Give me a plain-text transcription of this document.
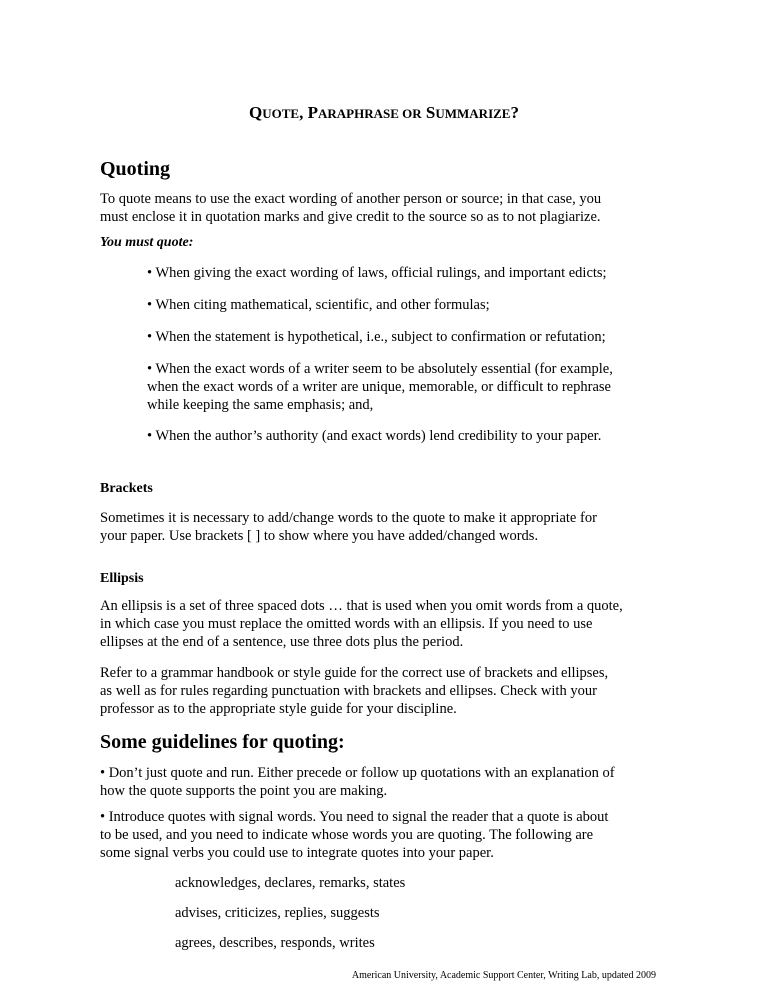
QUOTE, PARAPHRASE OR SUMMARIZE?
Quoting

To quote means to use the exact wording of another person or source; in that case, you

must enclose it in quotation marks and give credit to the source so as to not plagiarize.

You must quote:

• When giving the exact wording of laws, official rulings, and important edicts;

• When citing mathematical, scientific, and other formulas;

• When the statement is hypothetical, i.e., subject to confirmation or refutation;

• When the exact words of a writer seem to be absolutely essential (for example,

when the exact words of a writer are unique, memorable, or difficult to rephrase

while keeping the same emphasis; and,

• When the author’s authority (and exact words) lend credibility to your paper.

Brackets

Sometimes it is necessary to add/change words to the quote to make it appropriate for

your paper. Use brackets [ ] to show where you have added/changed words.

Ellipsis

An ellipsis is a set of three spaced dots … that is used when you omit words from a quote,

in which case you must replace the omitted words with an ellipsis. If you need to use

ellipses at the end of a sentence, use three dots plus the period.

Refer to a grammar handbook or style guide for the correct use of brackets and ellipses,

as well as for rules regarding punctuation with brackets and ellipses. Check with your

professor as to the appropriate style guide for your discipline.

Some guidelines for quoting:

• Don’t just quote and run. Either precede or follow up quotations with an explanation of

how the quote supports the point you are making.

• Introduce quotes with signal words. You need to signal the reader that a quote is about

to be used, and you need to indicate whose words you are quoting. The following are

some signal verbs you could use to integrate quotes into your paper.

acknowledges, declares, remarks, states

advises, criticizes, replies, suggests

agrees, describes, responds, writes

American University, Academic Support Center, Writing Lab, updated 2009
